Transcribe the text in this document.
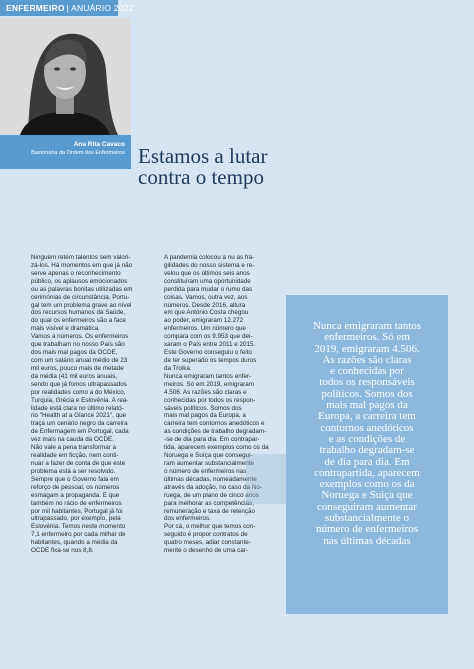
ENFERMEIRO | ANUÁRIO 2022
Ana Rita Cavaco
Bastonária da Ordem dos Enfermeiros Estamos a lutar
contra o tempo
Ninguém retém talentos sem valori-
zá-los. Há momentos em que já não
serve apenas o reconhecimento
público, os aplausos emocionados
ou as palavras bonitas utilizadas em
cerimónias de circunstância. Portu-
gal tem um problema grave ao nível
dos recursos humanos da Saúde,
do qual os enfermeiros são a face
mais visível e dramática.
Vamos a números. Os enfermeiros
que trabalham no nosso País são
dos mais mal pagos da OCDE,
com um salário anual médio de 23
mil euros, pouco mais de metade
da média (41 mil euros anuais,
sendo que já fomos ultrapassados
por realidades como a do México,
Turquia, Grécia e Eslovénia. A rea-
lidade está clara no último relató-
rio "Health at a Glance 2021", que
traça um cenário negro da carreira
de Enfermagem em Portugal, cada
vez mais na cauda da OCDE.
Não vale a pena transformar a
realidade em ficção, nem conti-
nuar a fazer de conta de que este
problema está a ser resolvido.
Sempre que o Governo fala em
reforço de pessoal, os números
esmagam a propaganda. É que
também no rácio de enfermeiros
por mil habitantes, Portugal já foi
ultrapassado, por exemplo, pela
Eslovénia. Temos neste momento
7,1 enfermeiro por cada milhar de
habitantes, quando a média da
OCDE fixa-se nos 8,8.
A pandemia colocou a nu as fra-
gilidades do nosso sistema e re-
velou que os últimos seis anos
constituíram uma oportunidade
perdida para mudar o rumo das
coisas. Vamos, outra vez, aos
números. Desde 2016, altura
em que António Costa chegou
ao poder, emigraram 12.272
enfermeiros. Um número que
compara com os 9.953 que dei-
xaram o País entre 2011 e 2015.
Este Governo conseguiu o feito
de ter superado os tempos duros
da Troika.
Nunca emigraram tantos enfer-
meiros. Só em 2019, emigraram
4.506. As razões são claras e
conhecidas por todos os respon-
sáveis políticos. Somos dos
mais mal pagos da Europa, a
carreira tem contornos anedóticos e
as condições de trabalho degradam-
-se de dia para dia. Em contrapar-
tida, aparecem exemplos como os da
Noruega e Suíça que consegui-
ram aumentar substancialmente
o número de enfermeiros nas
últimas décadas, nomeadamente
através da adoção, no caso da No-
ruega, de um plano de cinco anos
para melhorar as competências,
remuneração e taxa de retenção
dos enfermeiros.
Por cá, o melhor que temos con-
seguido é propor contratos de
quatro meses, adiar constante-
mente o desenho de uma car-
Nunca emigraram tantos
enfermeiros. Só em
2019, emigraram 4.506.
As razões são claras
e conhecidas por
todos os responsáveis
políticos. Somos dos
mais mal pagos da
Europa, a carreira tem
contornos anedóticos
e as condições de
trabalho degradam-se
de dia para dia. Em
contrapartida, aparecem
exemplos como os da
Noruega e Suiça que
conseguiram aumentar
substancialmente o
número de enfermeiros
nas últimas décadas
